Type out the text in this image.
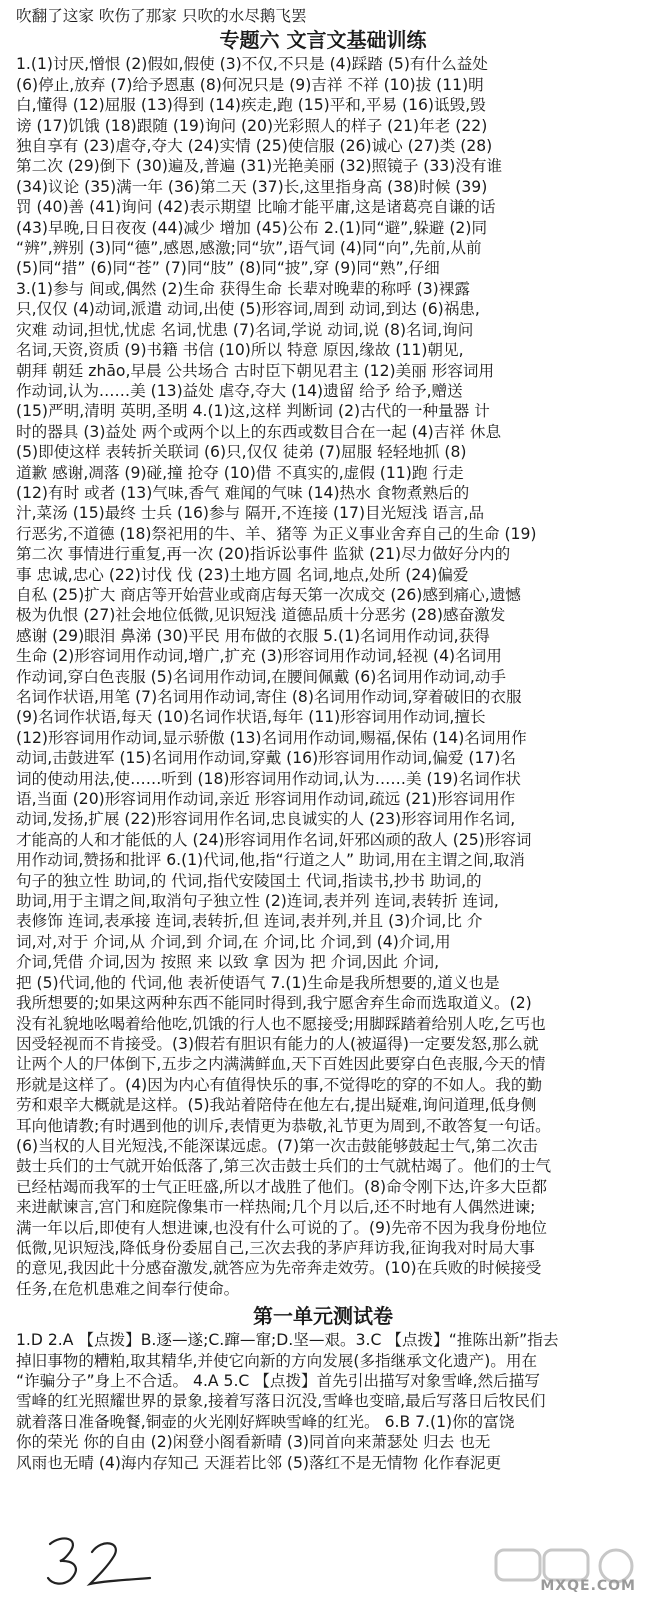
吹翻了这家 吹伤了那家 只吹的水尽鹅飞罢
专题六 文言文基础训练
1.(1)讨厌,憎恨 (2)假如,假使 (3)不仅,不只是 (4)踩踏 (5)有什么益处
(6)停止,放弃 (7)给予恩惠 (8)何况只是 (9)吉祥 不祥 (10)拔 (11)明
白,懂得 (12)屈服 (13)得到 (14)疾走,跑 (15)平和,平易 (16)诋毁,毁
谤 (17)饥饿 (18)跟随 (19)询问 (20)光彩照人的样子 (21)年老 (22)
独自享有 (23)虐夺,夺大 (24)实情 (25)使信服 (26)诚心 (27)类 (28)
第二次 (29)倒下 (30)遍及,普遍 (31)光艳美丽 (32)照镜子 (33)没有谁
(34)议论 (35)满一年 (36)第二天 (37)长,这里指身高 (38)时候 (39)
罚 (40)善 (41)询问 (42)表示期望 比喻才能平庸,这是诸葛亮自谦的话
(43)早晚,日日夜夜 (44)减少 增加 (45)公布 2.(1)同“避”,躲避 (2)同
“辨”,辨别 (3)同“德”,感恩,感激;同“欤”,语气词 (4)同“向”,先前,从前
(5)同“措” (6)同“苍” (7)同“肢” (8)同“披”,穿 (9)同“熟”,仔细
3.(1)参与 间或,偶然 (2)生命 获得生命 长辈对晚辈的称呼 (3)裸露
只,仅仅 (4)动词,派遣 动词,出使 (5)形容词,周到 动词,到达 (6)祸患,
灾难 动词,担忧,忧虑 名词,忧患 (7)名词,学说 动词,说 (8)名词,询问
名词,天资,资质 (9)书籍 书信 (10)所以 特意 原因,缘故 (11)朝见,
朝拜 朝廷 zhāo,早晨 公共场合 古时臣下朝见君主 (12)美丽 形容词用
作动词,认为……美 (13)益处 虐夺,夺大 (14)遗留 给予 给予,赠送
(15)严明,清明 英明,圣明 4.(1)这,这样 判断词 (2)古代的一种量器 计
时的器具 (3)益处 两个或两个以上的东西或数目合在一起 (4)吉祥 休息
(5)即使这样 表转折关联词 (6)只,仅仅 徒弟 (7)屈服 轻轻地抓 (8)
道歉 感谢,凋落 (9)碰,撞 抢夺 (10)借 不真实的,虚假 (11)跑 行走
(12)有时 或者 (13)气味,香气 难闻的气味 (14)热水 食物煮熟后的
汁,菜汤 (15)最终 士兵 (16)参与 隔开,不连接 (17)目光短浅 语言,品
行恶劣,不道德 (18)祭祀用的牛、羊、猪等 为正义事业舍弃自己的生命 (19)
第二次 事情进行重复,再一次 (20)指诉讼事件 监狱 (21)尽力做好分内的
事 忠诚,忠心 (22)讨伐 伐 (23)土地方圆 名词,地点,处所 (24)偏爱
自私 (25)扩大 商店等开始营业或商店每天第一次成交 (26)感到痛心,遗憾
极为仇恨 (27)社会地位低微,见识短浅 道德品质十分恶劣 (28)感奋激发
感谢 (29)眼泪 鼻涕 (30)平民 用布做的衣服 5.(1)名词用作动词,获得
生命 (2)形容词用作动词,增广,扩充 (3)形容词用作动词,轻视 (4)名词用
作动词,穿白色丧服 (5)名词用作动词,在腰间佩戴 (6)名词用作动词,动手
名词作状语,用笔 (7)名词用作动词,寄住 (8)名词用作动词,穿着破旧的衣服
(9)名词作状语,每天 (10)名词作状语,每年 (11)形容词用作动词,擅长
(12)形容词用作动词,显示骄傲 (13)名词用作动词,赐福,保佑 (14)名词用作
动词,击鼓进军 (15)名词用作动词,穿戴 (16)形容词用作动词,偏爱 (17)名
词的使动用法,使……听到 (18)形容词用作动词,认为……美 (19)名词作状
语,当面 (20)形容词用作动词,亲近 形容词用作动词,疏远 (21)形容词用作
动词,发扬,扩展 (22)形容词用作名词,忠良诚实的人 (23)形容词用作名词,
才能高的人和才能低的人 (24)形容词用作名词,奸邪凶顽的敌人 (25)形容词
用作动词,赞扬和批评 6.(1)代词,他,指“行道之人” 助词,用在主谓之间,取消
句子的独立性 助词,的 代词,指代安陵国土 代词,指读书,抄书 助词,的
助词,用于主谓之间,取消句子独立性 (2)连词,表并列 连词,表转折 连词,
表修饰 连词,表承接 连词,表转折,但 连词,表并列,并且 (3)介词,比 介
词,对,对于 介词,从 介词,到 介词,在 介词,比 介词,到 (4)介词,用
介词,凭借 介词,因为 按照 来 以致 拿 因为 把 介词,因此 介词,
把 (5)代词,他的 代词,他 表祈使语气 7.(1)生命是我所想要的,道义也是
我所想要的;如果这两种东西不能同时得到,我宁愿舍弃生命而选取道义。(2)
没有礼貌地吆喝着给他吃,饥饿的行人也不愿接受;用脚踩踏着给别人吃,乞丐也
因受轻视而不肯接受。(3)假若有胆识有能力的人(被逼得)一定要发怒,那么就
让两个人的尸体倒下,五步之内满满鲜血,天下百姓因此要穿白色丧服,今天的情
形就是这样了。(4)因为内心有值得快乐的事,不觉得吃的穿的不如人。我的勤
劳和艰辛大概就是这样。(5)我站着陪侍在他左右,提出疑难,询问道理,低身侧
耳向他请教;有时遇到他的训斥,表情更为恭敬,礼节更为周到,不敢答复一句话。
(6)当权的人目光短浅,不能深谋远虑。(7)第一次击鼓能够鼓起士气,第二次击
鼓士兵们的士气就开始低落了,第三次击鼓士兵们的士气就枯竭了。他们的士气
已经枯竭而我军的士气正旺盛,所以才战胜了他们。(8)命令刚下达,许多大臣都
来进献谏言,宫门和庭院像集市一样热闹;几个月以后,还不时地有人偶然进谏;
满一年以后,即使有人想进谏,也没有什么可说的了。(9)先帝不因为我身份地位
低微,见识短浅,降低身份委屈自己,三次去我的茅庐拜访我,征询我对时局大事
的意见,我因此十分感奋激发,就答应为先帝奔走效劳。(10)在兵败的时候接受
任务,在危机患难之间奉行使命。
第一单元测试卷
1.D 2.A 【点拨】B.逐—遂;C.蹿—窜;D.坚—艰。3.C 【点拨】“推陈出新”指去
掉旧事物的糟粕,取其精华,并使它向新的方向发展(多指继承文化遗产)。用在
“诈骗分子”身上不合适。 4.A 5.C 【点拨】首先引出描写对象雪峰,然后描写
雪峰的红光照耀世界的景象,接着写落日沉没,雪峰也变暗,最后写落日后牧民们
就着落日准备晚餐,铜壶的火光刚好辉映雪峰的红光。 6.B 7.(1)你的富饶
你的荣光 你的自由 (2)闲登小阁看新晴 (3)同首向来萧瑟处 归去 也无
风雨也无晴 (4)海内存知己 天涯若比邻 (5)落红不是无情物 化作春泥更
MXQE.COM
